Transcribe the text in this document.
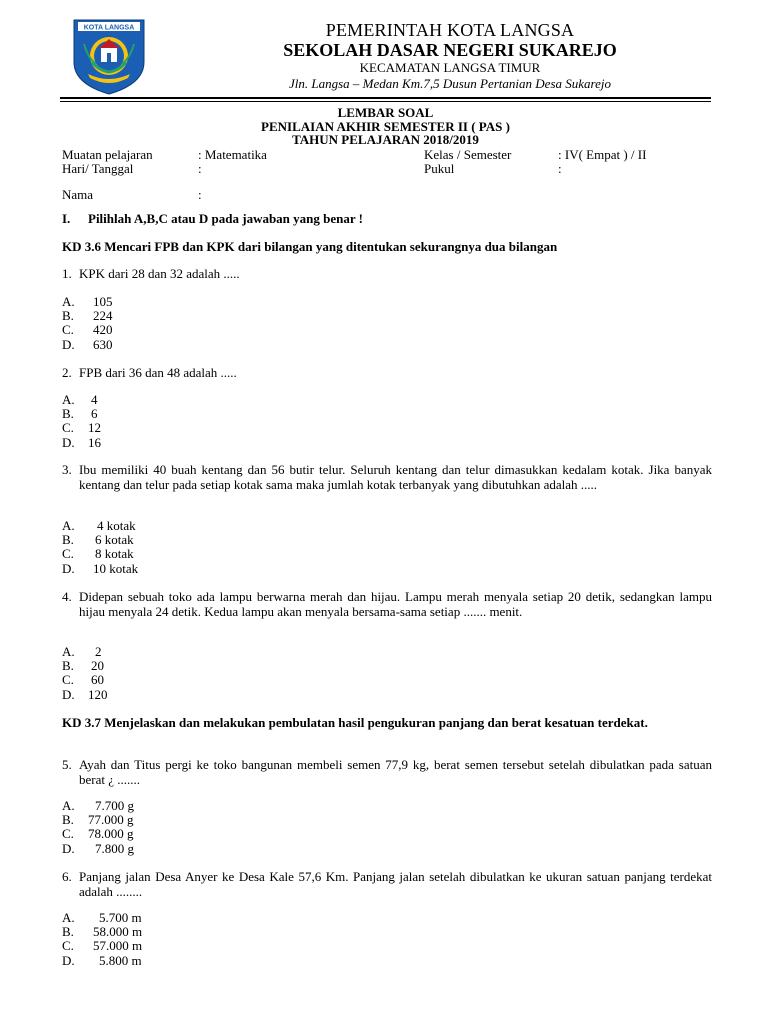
KOTA LANGSA	PEMERINTAH KOTA LANGSA
SEKOLAH DASAR NEGERI SUKAREJO
KECAMATAN LANGSA TIMUR
Jln. Langsa – Medan Km.7,5 Dusun Pertanian Desa Sukarejo
LEMBAR SOAL
PENILAIAN AKHIR SEMESTER II ( PAS )
TAHUN PELAJARAN 2018/2019
Muatan pelajaran	: Matematika	Kelas / Semester	: IV( Empat ) / II
Hari/ Tanggal	:	Pukul	:
Nama	:
I. Pilihlah A,B,C atau D pada jawaban yang benar !
KD 3.6 Mencari FPB dan KPK dari bilangan yang ditentukan sekurangnya dua bilangan
1. KPK dari 28 dan 32 adalah .....
A. 105
B. 224
C. 420
D. 630
2. FPB dari 36 dan 48 adalah .....
A. 4
B. 6
C. 12
D. 16
3. Ibu memiliki 40 buah kentang dan 56 butir telur. Seluruh kentang dan telur dimasukkan kedalam kotak. Jika banyak kentang dan telur pada setiap kotak sama maka jumlah kotak terbanyak yang dibutuhkan adalah .....
A. 4 kotak
B. 6 kotak
C. 8 kotak
D. 10 kotak
4. Didepan sebuah toko ada lampu berwarna merah dan hijau. Lampu merah menyala setiap 20 detik, sedangkan lampu hijau menyala 24 detik. Kedua lampu akan menyala bersama-sama setiap ....... menit.
A. 2
B. 20
C. 60
D. 120
KD 3.7 Menjelaskan dan melakukan pembulatan hasil pengukuran panjang dan berat kesatuan terdekat.
5. Ayah dan Titus pergi ke toko bangunan membeli semen 77,9 kg, berat semen tersebut setelah dibulatkan pada satuan berat ¿ .......
A. 7.700 g
B. 77.000 g
C. 78.000 g
D. 7.800 g
6. Panjang jalan Desa Anyer ke Desa Kale 57,6 Km. Panjang jalan setelah dibulatkan ke ukuran satuan panjang terdekat adalah ........
A. 5.700 m
B. 58.000 m
C. 57.000 m
D. 5.800 m
